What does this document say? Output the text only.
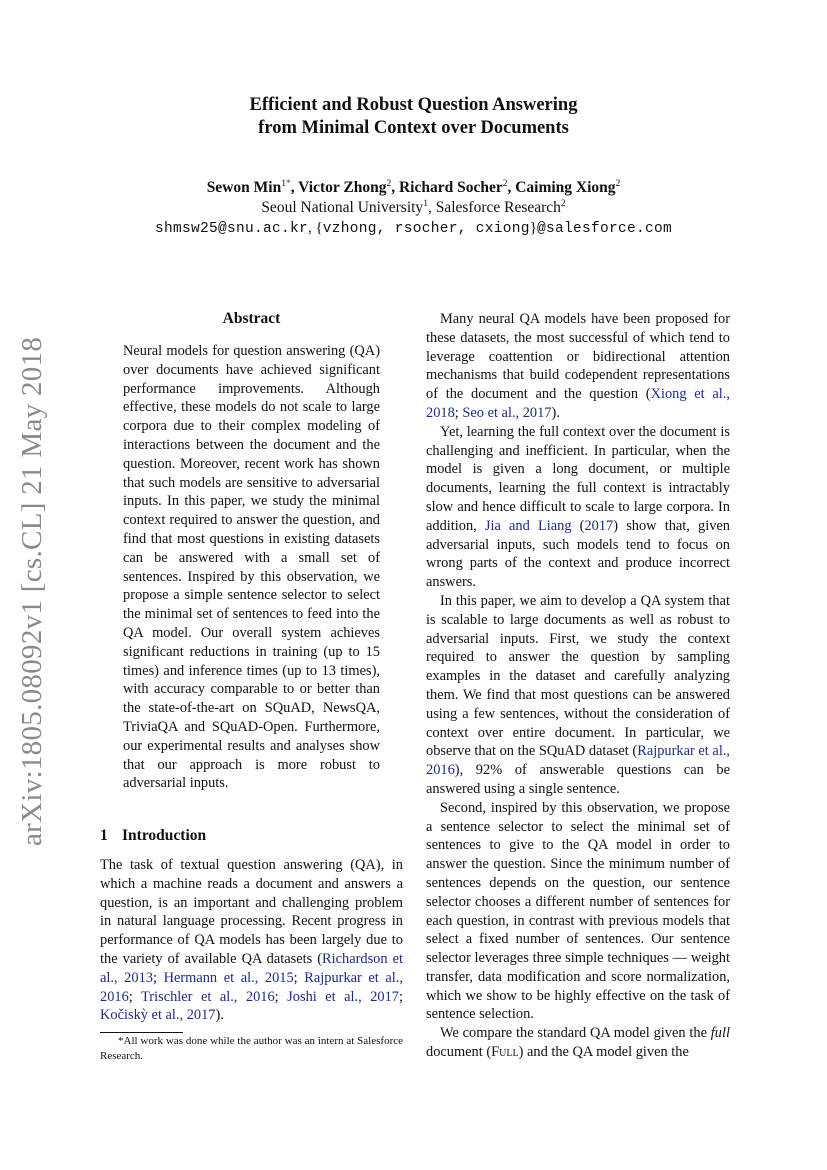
arXiv:1805.08092v1 [cs.CL] 21 May 2018
Efficient and Robust Question Answering
from Minimal Context over Documents
Sewon Min$^{1*}$, Victor Zhong$^2$, Richard Socher$^2$, Caiming Xiong$^2$
Seoul National University$^1$, Salesforce Research$^2$
shmsw25@snu.ac.kr, {vzhong, rsocher, cxiong}@salesforce.com
Abstract
Neural models for question answering (QA) over documents have achieved significant performance improvements. Although effective, these models do not scale to large corpora due to their complex modeling of interactions between the document and the question. Moreover, recent work has shown that such models are sensitive to adversarial inputs. In this paper, we study the minimal context required to answer the question, and find that most questions in existing datasets can be answered with a small set of sentences. Inspired by this observation, we propose a simple sentence selector to select the minimal set of sentences to feed into the QA model. Our overall system achieves significant reductions in training (up to 15 times) and inference times (up to 13 times), with accuracy comparable to or better than the state-of-the-art on SQuAD, NewsQA, TriviaQA and SQuAD-Open. Furthermore, our experimental results and analyses show that our approach is more robust to adversarial inputs.
1 Introduction

The task of textual question answering (QA), in which a machine reads a document and answers a question, is an important and challenging problem in natural language processing. Recent progress in performance of QA models has been largely due to the variety of available QA datasets (Richardson et al., 2013; Hermann et al., 2015; Rajpurkar et al., 2016; Trischler et al., 2016; Joshi et al., 2017; Kočiskỳ et al., 2017).

*All work was done while the author was an intern at Salesforce Research.

Many neural QA models have been proposed for these datasets, the most successful of which tend to leverage coattention or bidirectional attention mechanisms that build codependent representations of the document and the question (Xiong et al., 2018; Seo et al., 2017).

Yet, learning the full context over the document is challenging and inefficient. In particular, when the model is given a long document, or multiple documents, learning the full context is intractably slow and hence difficult to scale to large corpora. In addition, Jia and Liang (2017) show that, given adversarial inputs, such models tend to focus on wrong parts of the context and produce incorrect answers.

In this paper, we aim to develop a QA system that is scalable to large documents as well as robust to adversarial inputs. First, we study the context required to answer the question by sampling examples in the dataset and carefully analyzing them. We find that most questions can be answered using a few sentences, without the consideration of context over entire document. In particular, we observe that on the SQuAD dataset (Rajpurkar et al., 2016), 92% of answerable questions can be answered using a single sentence.

Second, inspired by this observation, we propose a sentence selector to select the minimal set of sentences to give to the QA model in order to answer the question. Since the minimum number of sentences depends on the question, our sentence selector chooses a different number of sentences for each question, in contrast with previous models that select a fixed number of sentences. Our sentence selector leverages three simple techniques — weight transfer, data modification and score normalization, which we show to be highly effective on the task of sentence selection.

We compare the standard QA model given the full document (Full) and the QA model given the
